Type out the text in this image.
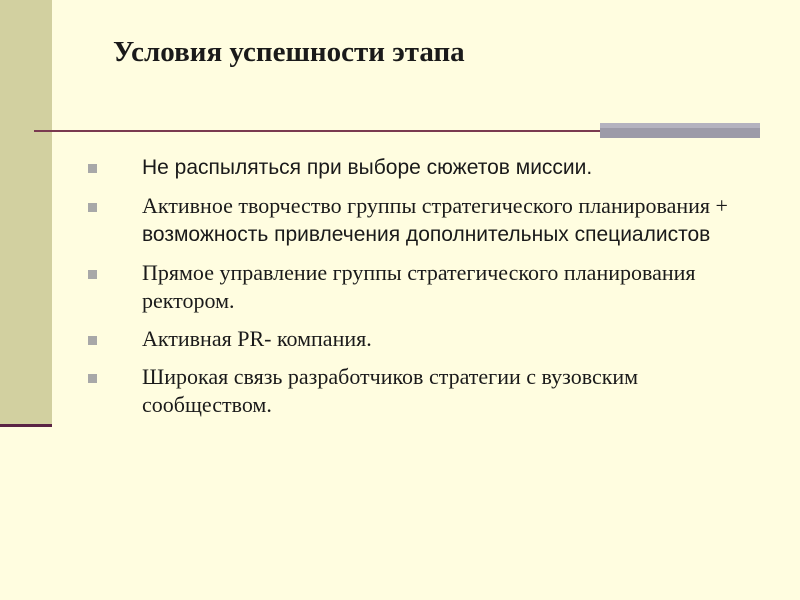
Условия успешности этапа
Не распыляться при выборе сюжетов миссии.
Активное творчество группы стратегического планирования + возможность привлечения дополнительных специалистов
Прямое управление группы стратегического планирования ректором.
Активная PR- компания.
Широкая связь разработчиков стратегии с вузовским сообществом.
